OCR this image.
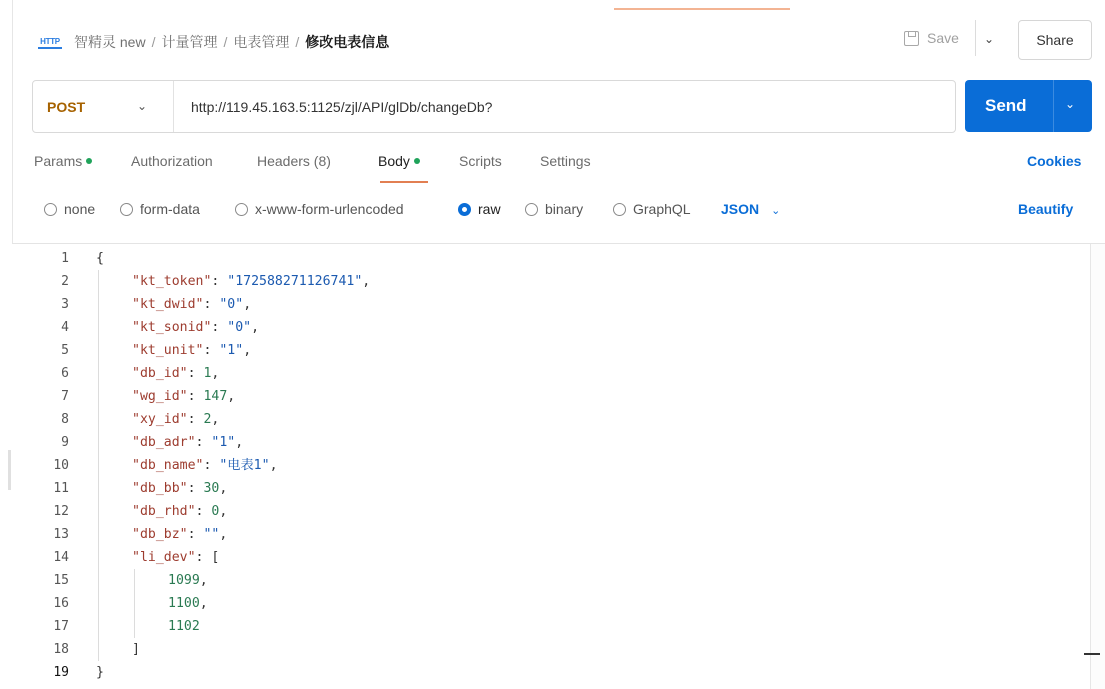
HTTP 智精灵 new / 计量管理 / 电表管理 / 修改电表信息	Save ⌄	Share
POST	⌄	http://119.45.163.5:1125/zjl/API/glDb/changeDb?	Send	⌄
Params	Authorization	Headers (8)	Body	Scripts	Settings	Cookies
none	form-data	x-www-form-urlencoded	raw	binary	GraphQL JSON ⌄	Beautify
1
2
3
4
5
6
7
8
9
10
11
12
13
14
15
16
17
18
19
{
"kt_token": "172588271126741",
"kt_dwid": "0",
"kt_sonid": "0",
"kt_unit": "1",
"db_id": 1,
"wg_id": 147,
"xy_id": 2,
"db_adr": "1",
"db_name": "电表1",
"db_bb": 30,
"db_rhd": 0,
"db_bz": "",
"li_dev": [
1099,
1100,
1102
]
}
